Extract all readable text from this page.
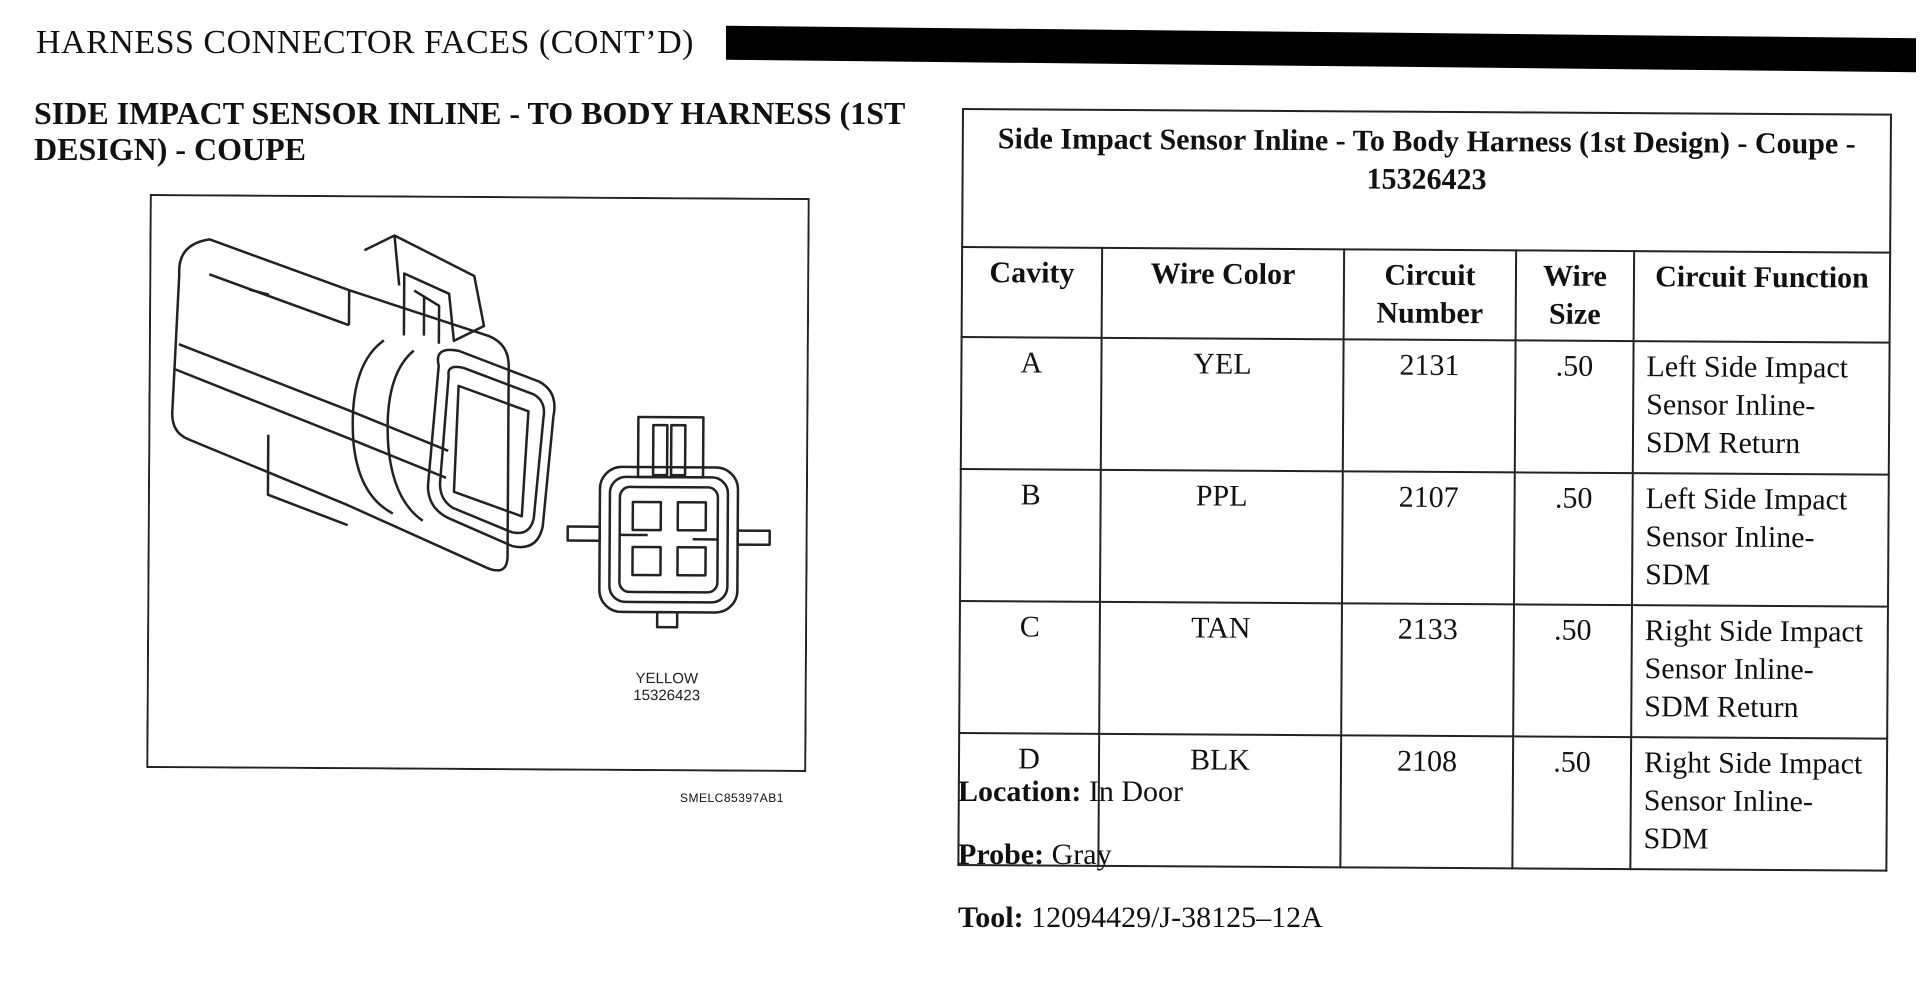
HARNESS CONNECTOR FACES (CONT’D)
SIDE IMPACT SENSOR INLINE - TO BODY HARNESS (1ST DESIGN) - COUPE
YELLOW
15326423
SMELC85397AB1
Side Impact Sensor Inline - To Body Harness (1st Design) - Coupe - 15326423				
Cavity	Wire Color	Circuit Number	Wire Size	Circuit Function
A	YEL	2131	.50	Left Side Impact Sensor Inline-SDM Return
B	PPL	2107	.50	Left Side Impact Sensor Inline-SDM
C	TAN	2133	.50	Right Side Impact Sensor Inline-SDM Return
D	BLK	2108	.50	Right Side Impact Sensor Inline-SDM
Location: In Door
Probe: Gray
Tool: 12094429/J-38125–12A
